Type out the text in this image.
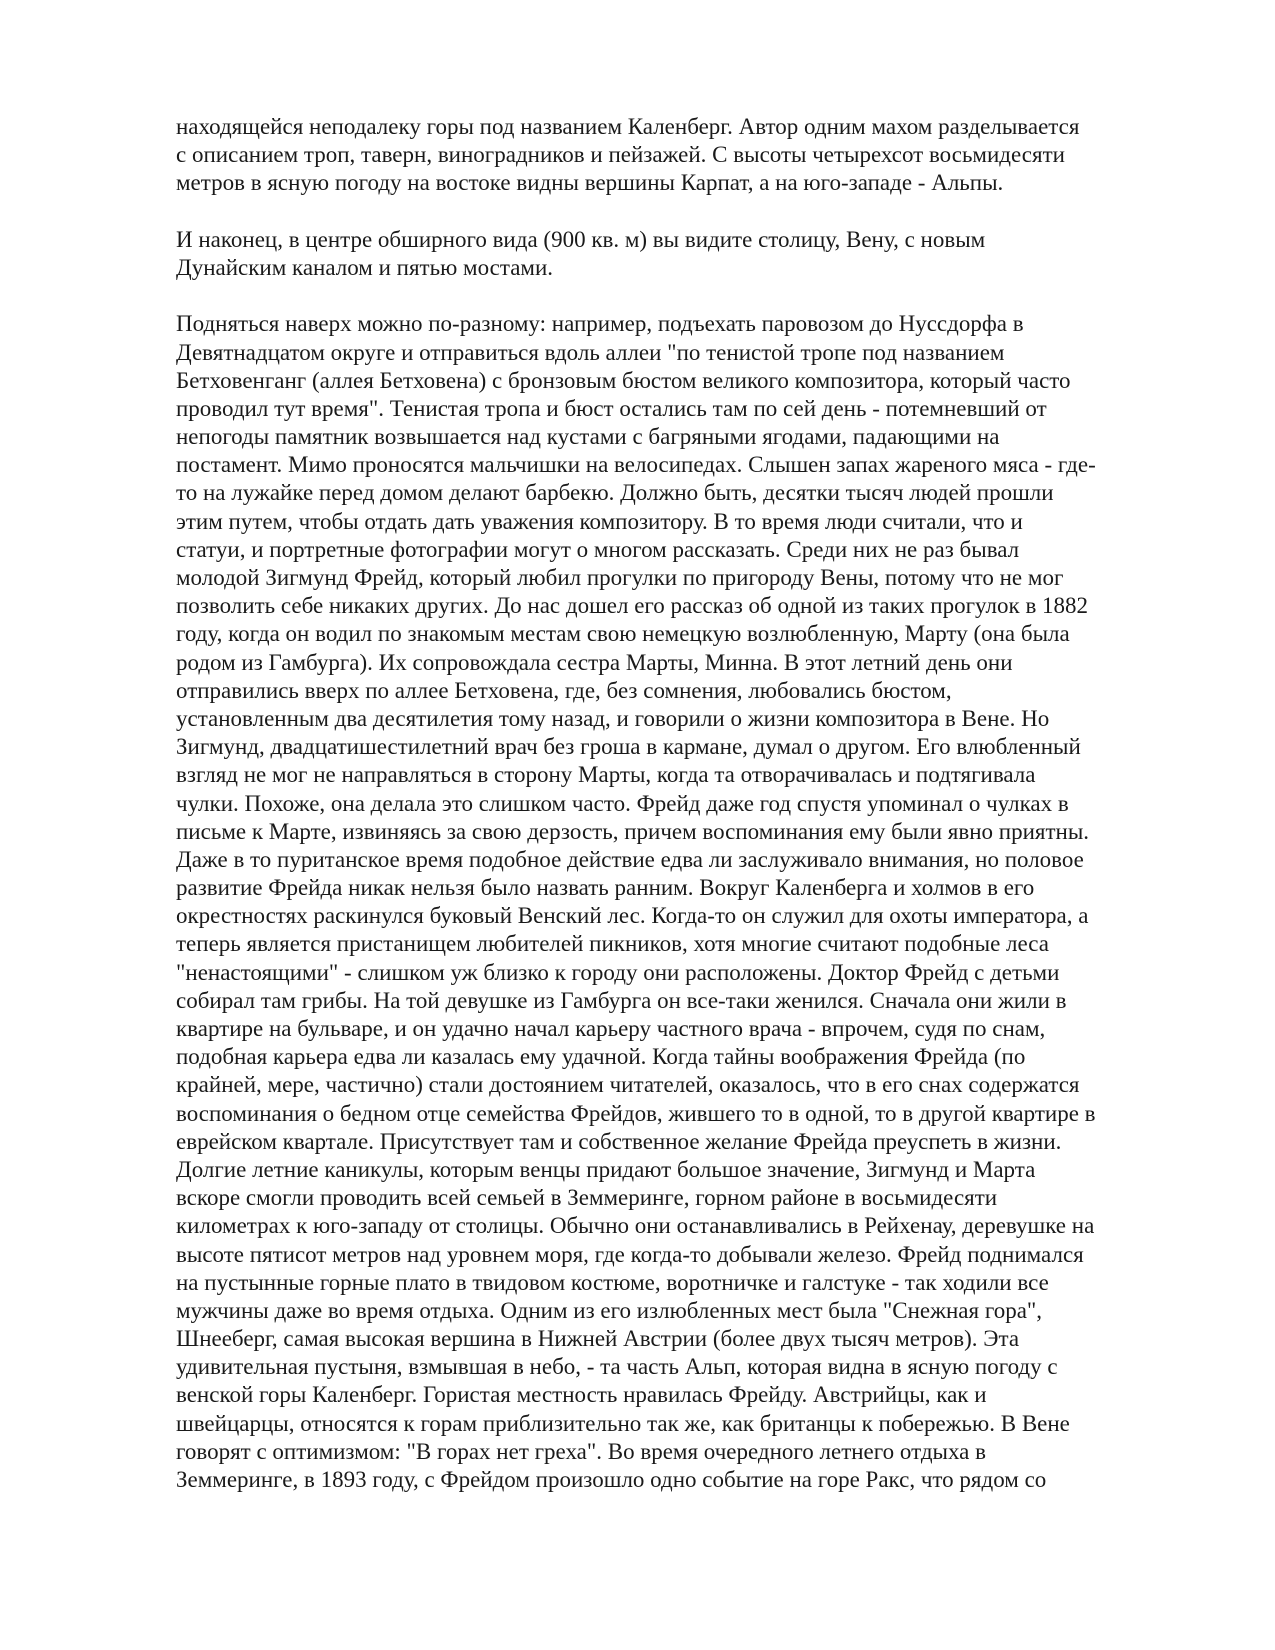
находящейся неподалеку горы под названием Каленберг. Автор одним махом разделывается
с описанием троп, таверн, виноградников и пейзажей. С высоты четырехсот восьмидесяти
метров в ясную погоду на востоке видны вершины Карпат, а на юго-западе - Альпы.
И наконец, в центре обширного вида (900 кв. м) вы видите столицу, Вену, с новым
Дунайским каналом и пятью мостами.
Подняться наверх можно по-разному: например, подъехать паровозом до Нуссдорфа в
Девятнадцатом округе и отправиться вдоль аллеи "по тенистой тропе под названием
Бетховенганг (аллея Бетховена) с бронзовым бюстом великого композитора, который часто
проводил тут время". Тенистая тропа и бюст остались там по сей день - потемневший от
непогоды памятник возвышается над кустами с багряными ягодами, падающими на
постамент. Мимо проносятся мальчишки на велосипедах. Слышен запах жареного мяса - где-
то на лужайке перед домом делают барбекю. Должно быть, десятки тысяч людей прошли
этим путем, чтобы отдать дать уважения композитору. В то время люди считали, что и
статуи, и портретные фотографии могут о многом рассказать. Среди них не раз бывал
молодой Зигмунд Фрейд, который любил прогулки по пригороду Вены, потому что не мог
позволить себе никаких других. До нас дошел его рассказ об одной из таких прогулок в 1882
году, когда он водил по знакомым местам свою немецкую возлюбленную, Марту (она была
родом из Гамбурга). Их сопровождала сестра Марты, Минна. В этот летний день они
отправились вверх по аллее Бетховена, где, без сомнения, любовались бюстом,
установленным два десятилетия тому назад, и говорили о жизни композитора в Вене. Но
Зигмунд, двадцатишестилетний врач без гроша в кармане, думал о другом. Его влюбленный
взгляд не мог не направляться в сторону Марты, когда та отворачивалась и подтягивала
чулки. Похоже, она делала это слишком часто. Фрейд даже год спустя упоминал о чулках в
письме к Марте, извиняясь за свою дерзость, причем воспоминания ему были явно приятны.
Даже в то пуританское время подобное действие едва ли заслуживало внимания, но половое
развитие Фрейда никак нельзя было назвать ранним. Вокруг Каленберга и холмов в его
окрестностях раскинулся буковый Венский лес. Когда-то он служил для охоты императора, а
теперь является пристанищем любителей пикников, хотя многие считают подобные леса
"ненастоящими" - слишком уж близко к городу они расположены. Доктор Фрейд с детьми
собирал там грибы. На той девушке из Гамбурга он все-таки женился. Сначала они жили в
квартире на бульваре, и он удачно начал карьеру частного врача - впрочем, судя по снам,
подобная карьера едва ли казалась ему удачной. Когда тайны воображения Фрейда (по
крайней, мере, частично) стали достоянием читателей, оказалось, что в его снах содержатся
воспоминания о бедном отце семейства Фрейдов, жившего то в одной, то в другой квартире в
еврейском квартале. Присутствует там и собственное желание Фрейда преуспеть в жизни.
Долгие летние каникулы, которым венцы придают большое значение, Зигмунд и Марта
вскоре смогли проводить всей семьей в Земмеринге, горном районе в восьмидесяти
километрах к юго-западу от столицы. Обычно они останавливались в Рейхенау, деревушке на
высоте пятисот метров над уровнем моря, где когда-то добывали железо. Фрейд поднимался
на пустынные горные плато в твидовом костюме, воротничке и галстуке - так ходили все
мужчины даже во время отдыха. Одним из его излюбленных мест была "Снежная гора",
Шнееберг, самая высокая вершина в Нижней Австрии (более двух тысяч метров). Эта
удивительная пустыня, взмывшая в небо, - та часть Альп, которая видна в ясную погоду с
венской горы Каленберг. Гористая местность нравилась Фрейду. Австрийцы, как и
швейцарцы, относятся к горам приблизительно так же, как британцы к побережью. В Вене
говорят с оптимизмом: "В горах нет греха". Во время очередного летнего отдыха в
Земмеринге, в 1893 году, с Фрейдом произошло одно событие на горе Ракс, что рядом со
